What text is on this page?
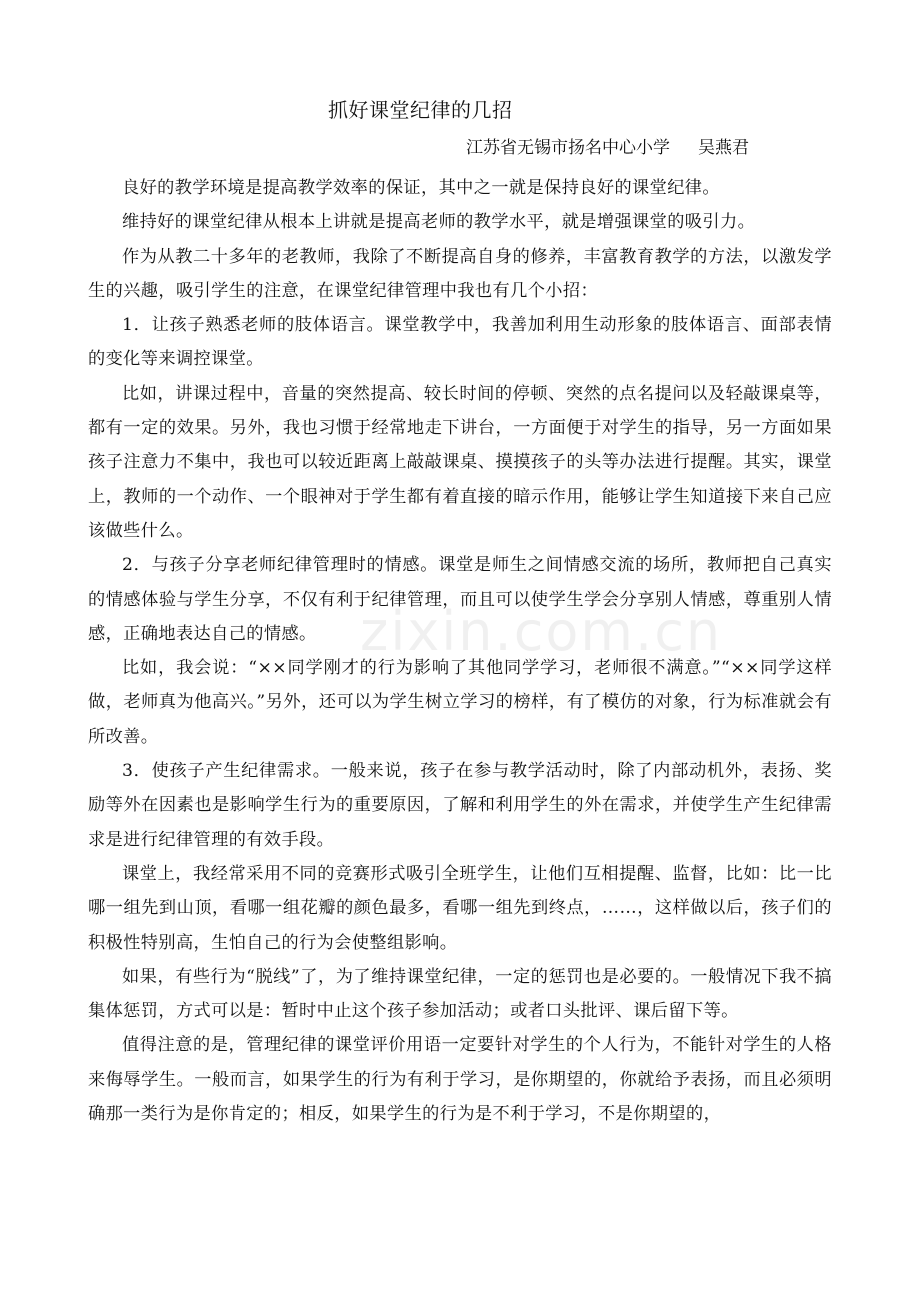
抓好课堂纪律的几招
江苏省无锡市扬名中心小学 吴燕君

良好的教学环境是提高教学效率的保证，其中之一就是保持良好的课堂纪律。

维持好的课堂纪律从根本上讲就是提高老师的教学水平，就是增强课堂的吸引力。

作为从教二十多年的老教师，我除了不断提高自身的修养，丰富教育教学的方法，以激发学生的兴趣，吸引学生的注意，在课堂纪律管理中我也有几个小招：

1．让孩子熟悉老师的肢体语言。课堂教学中，我善加利用生动形象的肢体语言、面部表情的变化等来调控课堂。

比如，讲课过程中，音量的突然提高、较长时间的停顿、突然的点名提问以及轻敲课桌等，都有一定的效果。另外，我也习惯于经常地走下讲台，一方面便于对学生的指导，另一方面如果孩子注意力不集中，我也可以较近距离上敲敲课桌、摸摸孩子的头等办法进行提醒。其实，课堂上，教师的一个动作、一个眼神对于学生都有着直接的暗示作用，能够让学生知道接下来自己应该做些什么。

2．与孩子分享老师纪律管理时的情感。课堂是师生之间情感交流的场所，教师把自己真实的情感体验与学生分享，不仅有利于纪律管理，而且可以使学生学会分享别人情感，尊重别人情感，正确地表达自己的情感。

比如，我会说：“××同学刚才的行为影响了其他同学学习，老师很不满意。”“××同学这样做，老师真为他高兴。”另外，还可以为学生树立学习的榜样，有了模仿的对象，行为标准就会有所改善。

3．使孩子产生纪律需求。一般来说，孩子在参与教学活动时，除了内部动机外，表扬、奖励等外在因素也是影响学生行为的重要原因，了解和利用学生的外在需求，并使学生产生纪律需求是进行纪律管理的有效手段。

课堂上，我经常采用不同的竞赛形式吸引全班学生，让他们互相提醒、监督，比如：比一比哪一组先到山顶，看哪一组花瓣的颜色最多，看哪一组先到终点，……，这样做以后，孩子们的积极性特别高，生怕自己的行为会使整组影响。

如果，有些行为“脱线”了，为了维持课堂纪律，一定的惩罚也是必要的。一般情况下我不搞集体惩罚，方式可以是：暂时中止这个孩子参加活动；或者口头批评、课后留下等。

值得注意的是，管理纪律的课堂评价用语一定要针对学生的个人行为，不能针对学生的人格来侮辱学生。一般而言，如果学生的行为有利于学习，是你期望的，你就给予表扬，而且必须明确那一类行为是你肯定的；相反，如果学生的行为是不利于学习，不是你期望的，

zixin.com.cn
